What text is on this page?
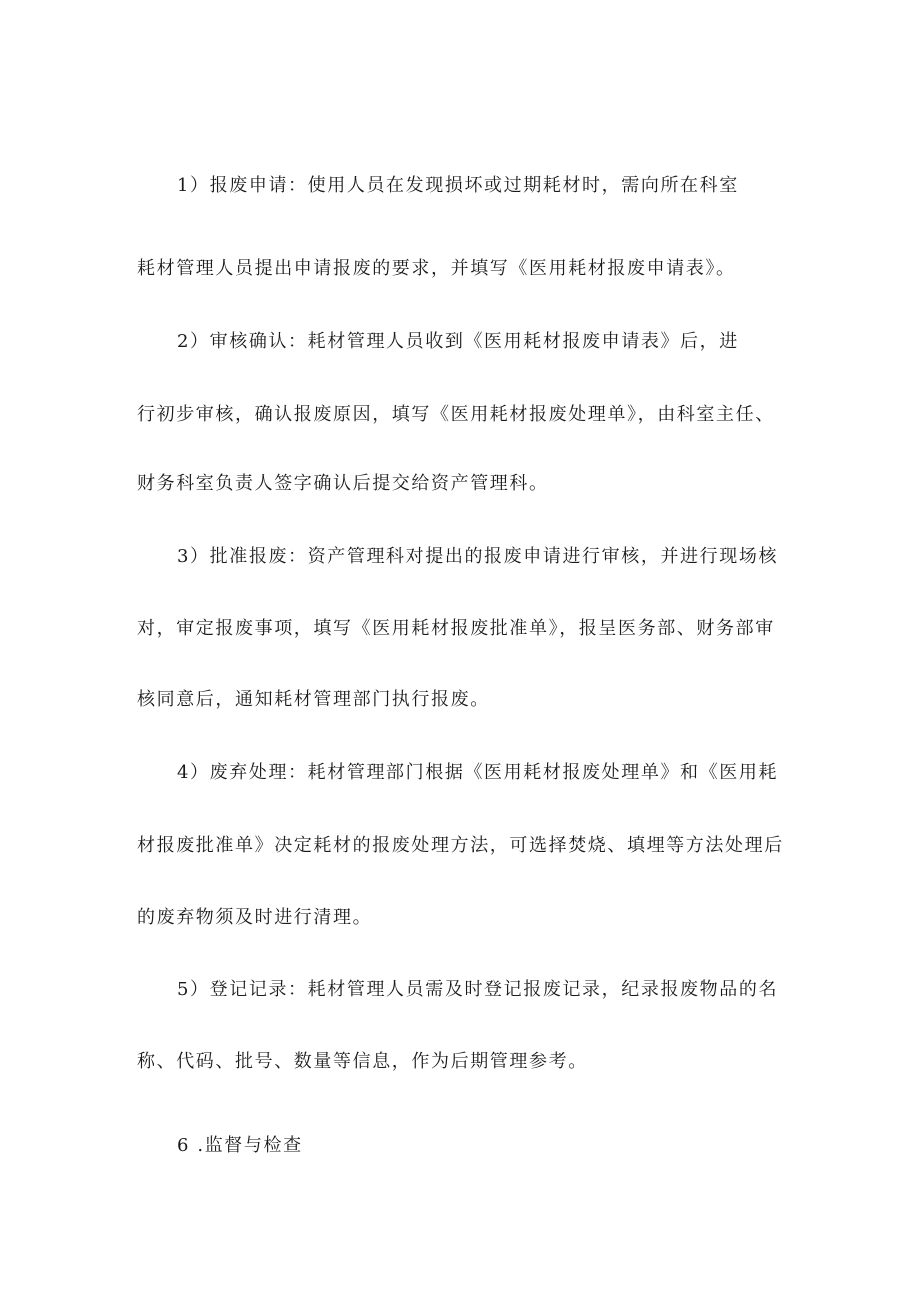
1）报废申请：使用人员在发现损坏或过期耗材时，需向所在科室
耗材管理人员提出申请报废的要求，并填写《医用耗材报废申请表》。
2）审核确认：耗材管理人员收到《医用耗材报废申请表》后，进
行初步审核，确认报废原因，填写《医用耗材报废处理单》，由科室主任、
财务科室负责人签字确认后提交给资产管理科。
3）批准报废：资产管理科对提出的报废申请进行审核，并进行现场核
对，审定报废事项，填写《医用耗材报废批准单》，报呈医务部、财务部审
核同意后，通知耗材管理部门执行报废。
4）废弃处理：耗材管理部门根据《医用耗材报废处理单》和《医用耗
材报废批准单》决定耗材的报废处理方法，可选择焚烧、填埋等方法处理后
的废弃物须及时进行清理。
5）登记记录：耗材管理人员需及时登记报废记录，纪录报废物品的名
称、代码、批号、数量等信息，作为后期管理参考。
6 .监督与检查
